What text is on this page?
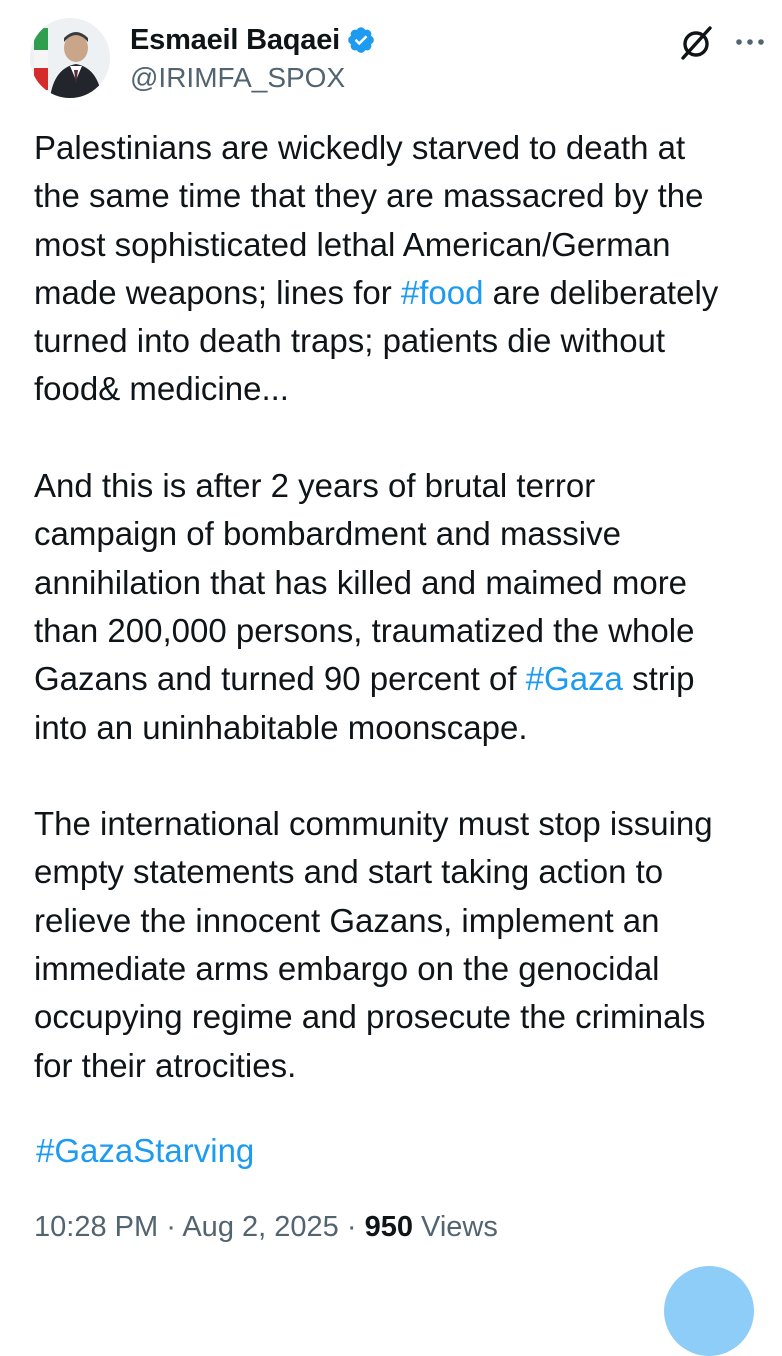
Esmaeil Baqaei
@IRIMFA_SPOX

Palestinians are wickedly starved to death at
the same time that they are massacred by the
most sophisticated lethal American/German
made weapons; lines for #food are deliberately
turned into death traps; patients die without
food& medicine...

And this is after 2 years of brutal terror
campaign of bombardment and massive
annihilation that has killed and maimed more
than 200,000 persons, traumatized the whole
Gazans and turned 90 percent of #Gaza strip
into an uninhabitable moonscape.

The international community must stop issuing
empty statements and start taking action to
relieve the innocent Gazans, implement an
immediate arms embargo on the genocidal
occupying regime and prosecute the criminals
for their atrocities.

#GazaStarving
10:28 PM · Aug 2, 2025 · 950 Views
